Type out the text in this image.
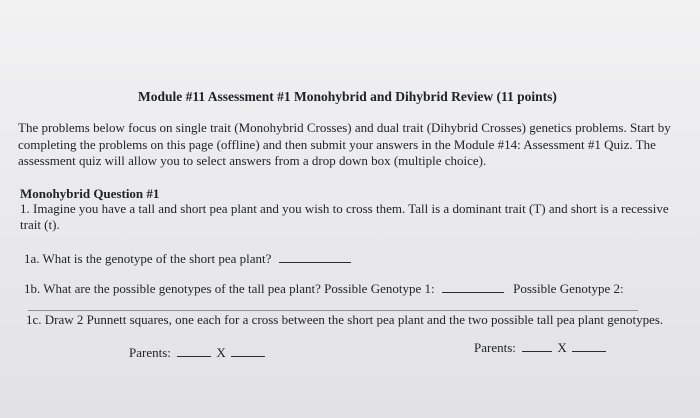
Module #11 Assessment #1 Monohybrid and Dihybrid Review (11 points)
The problems below focus on single trait (Monohybrid Crosses) and dual trait (Dihybrid Crosses) genetics problems. Start by completing the problems on this page (offline) and then submit your answers in the Module #14: Assessment #1 Quiz. The assessment quiz will allow you to select answers from a drop down box (multiple choice).
Monohybrid Question #1
1. Imagine you have a tall and short pea plant and you wish to cross them. Tall is a dominant trait (T) and short is a recessive trait (t).
1a. What is the genotype of the short pea plant?
1b. What are the possible genotypes of the tall pea plant? Possible Genotype 1:	Possible Genotype 2:
1c. Draw 2 Punnett squares, one each for a cross between the short pea plant and the two possible tall pea plant genotypes.
Parents:	X	Parents:	X
